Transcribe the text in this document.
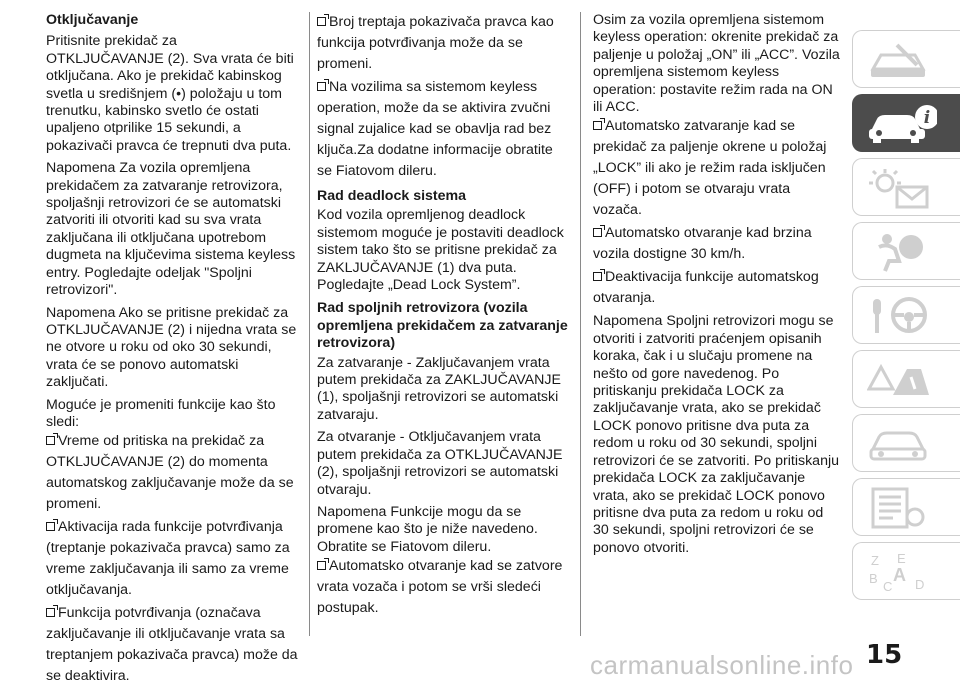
Otključavanje

Pritisnite prekidač za OTKLJUČAVANJE (2). Sva vrata će biti otključana. Ako je prekidač kabinskog svetla u središnjem (•) položaju u tom trenutku, kabinsko svetlo će ostati upaljeno otprilike 15 sekundi, a pokazivači pravca će trepnuti dva puta.

Napomena Za vozila opremljena prekidačem za zatvaranje retrovizora, spoljašnji retrovizori će se automatski zatvoriti ili otvoriti kad su sva vrata zaključana ili otključana upotrebom dugmeta na ključevima sistema keyless entry. Pogledajte odeljak "Spoljni retrovizori".

Napomena Ako se pritisne prekidač za OTKLJUČAVANJE (2) i nijedna vrata se ne otvore u roku od oko 30 sekundi, vrata će se ponovo automatski zaključati.

Moguće je promeniti funkcije kao što sledi:

Vreme od pritiska na prekidač za OTKLJUČAVANJE (2) do momenta automatskog zaključavanje može da se promeni.
Aktivacija rada funkcije potvrđivanja (treptanje pokazivača pravca) samo za vreme zaključavanja ili samo za vreme otključavanja.
Funkcija potvrđivanja (označava zaključavanje ili otključavanje vrata sa treptanjem pokazivača pravca) može da se deaktivira.
Broj treptaja pokazivača pravca kao funkcija potvrđivanja može da se promeni.
Na vozilima sa sistemom keyless operation, može da se aktivira zvučni signal zujalice kad se obavlja rad bez ključa.Za dodatne informacije obratite se Fiatovom dileru.
Rad deadlock sistema

Kod vozila opremljenog deadlock sistemom moguće je postaviti deadlock sistem tako što se pritisne prekidač za ZAKLJUČAVANJE (1) dva puta. Pogledajte „Dead Lock System”.

Rad spoljnih retrovizora (vozila opremljena prekidačem za zatvaranje retrovizora)

Za zatvaranje - Zaključavanjem vrata putem prekidača za ZAKLJUČAVANJE (1), spoljašnji retrovizori se automatski zatvaraju.

Za otvaranje - Otključavanjem vrata putem prekidača za OTKLJUČAVANJE (2), spoljašnji retrovizori se automatski otvaraju.

Napomena Funkcije mogu da se promene kao što je niže navedeno. Obratite se Fiatovom dileru.

Automatsko otvaranje kad se zatvore vrata vozača i potom se vrši sledeći postupak.

Osim za vozila opremljena sistemom keyless operation: okrenite prekidač za paljenje u položaj „ON” ili „ACC”. Vozila opremljena sistemom keyless operation: postavite režim rada na ON ili ACC.

Automatsko zatvaranje kad se prekidač za paljenje okrene u položaj „LOCK” ili ako je režim rada isključen (OFF) i potom se otvaraju vrata vozača.
Automatsko otvaranje kad brzina vozila dostigne 30 km/h.
Deaktivacija funkcije automatskog otvaranja.

Napomena Spoljni retrovizori mogu se otvoriti i zatvoriti praćenjem opisanih koraka, čak i u slučaju promene na nešto od gore navedenog. Po pritiskanju prekidača LOCK za zaključavanje vrata, ako se prekidač LOCK ponovo pritisne dva puta za redom u roku od 30 sekundi, spoljni retrovizori će se zatvoriti. Po pritiskanju prekidača LOCK za zaključavanje vrata, ako se prekidač LOCK ponovo pritisne dva puta za redom u roku od 30 sekundi, spoljni retrovizori će se ponovo otvoriti.

i
Z E
B
C
A D
15
carmanualsonline.info
